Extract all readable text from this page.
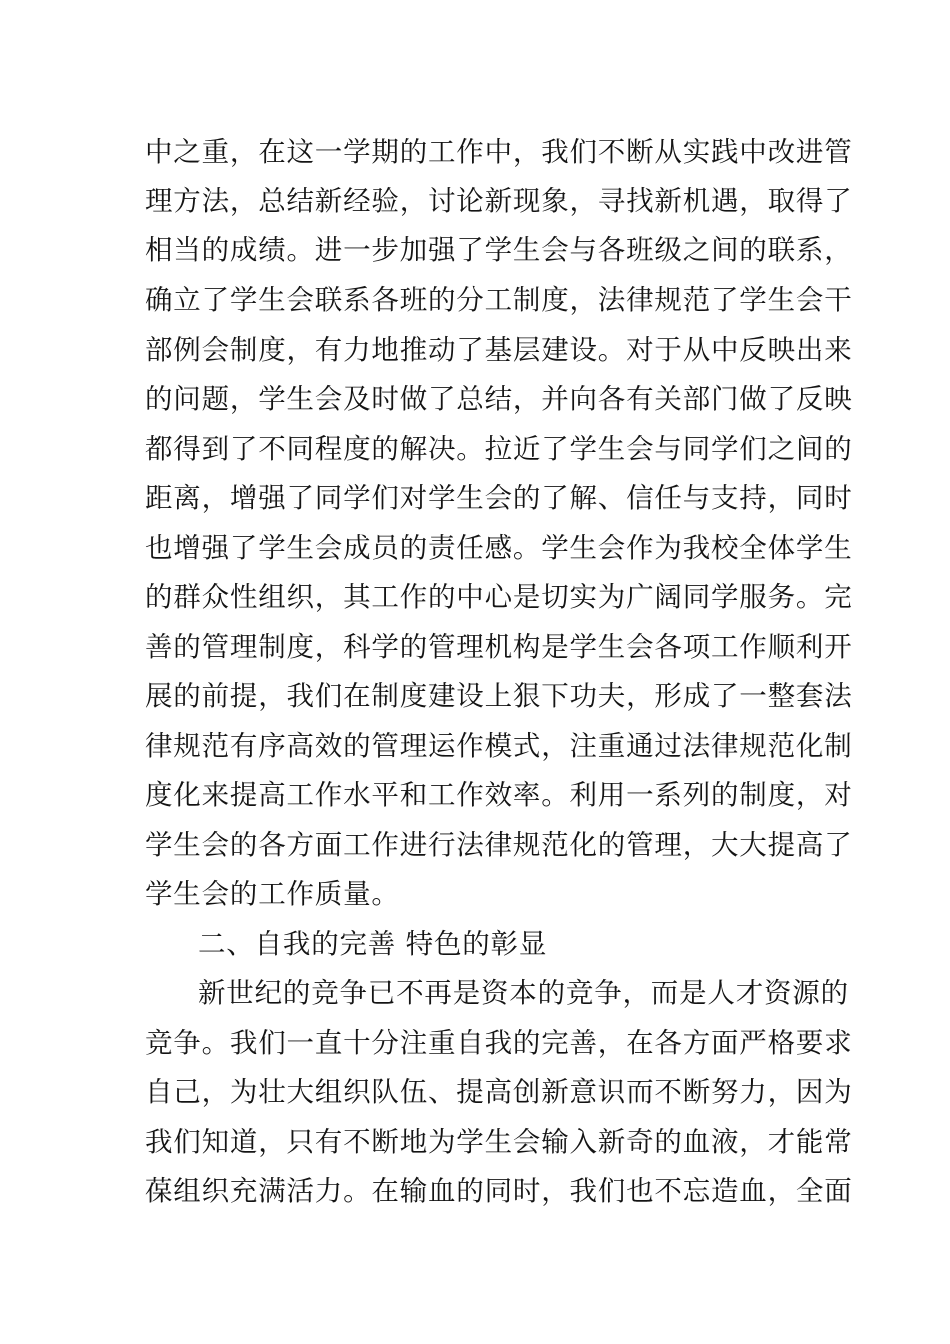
中之重，在这一学期的工作中，我们不断从实践中改进管
理方法，总结新经验，讨论新现象，寻找新机遇，取得了
相当的成绩。进一步加强了学生会与各班级之间的联系，
确立了学生会联系各班的分工制度，法律规范了学生会干
部例会制度，有力地推动了基层建设。对于从中反映出来
的问题，学生会及时做了总结，并向各有关部门做了反映
都得到了不同程度的解决。拉近了学生会与同学们之间的
距离，增强了同学们对学生会的了解、信任与支持，同时
也增强了学生会成员的责任感。学生会作为我校全体学生
的群众性组织，其工作的中心是切实为广阔同学服务。完
善的管理制度，科学的管理机构是学生会各项工作顺利开
展的前提，我们在制度建设上狠下功夫，形成了一整套法
律规范有序高效的管理运作模式，注重通过法律规范化制
度化来提高工作水平和工作效率。利用一系列的制度，对
学生会的各方面工作进行法律规范化的管理，大大提高了
学生会的工作质量。
二、自我的完善 特色的彰显
新世纪的竞争已不再是资本的竞争，而是人才资源的
竞争。我们一直十分注重自我的完善，在各方面严格要求
自己，为壮大组织队伍、提高创新意识而不断努力，因为
我们知道，只有不断地为学生会输入新奇的血液，才能常
葆组织充满活力。在输血的同时，我们也不忘造血，全面
